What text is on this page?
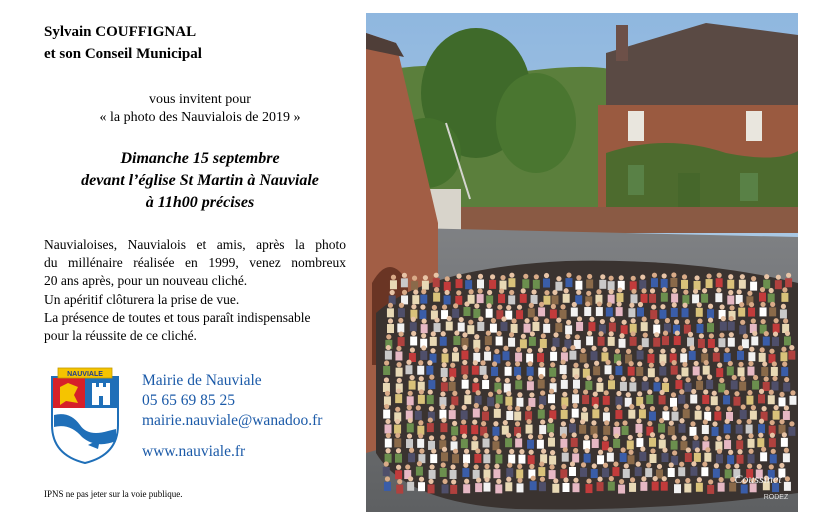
Sylvain COUFFIGNAL
et son Conseil Municipal
vous invitent pour
« la photo des Nauvialois de 2019 »
Dimanche 15 septembre
devant l’église St Martin à Nauviale
à 11h00 précises

Nauvialoises, Nauvialois et amis, après la photo

du millénaire réalisée en 1999, venez nombreux

20 ans après, pour un nouveau cliché.

Un apéritif clôturera la prise de vue.

La présence de toutes et tous paraît indispensable

pour la réussite de ce cliché.

NAUVIALE	Mairie de Nauviale
05 65 69 85 25
mairie.nauviale@wanadoo.fr
www.nauviale.fr
IPNS ne pas jeter sur la voie publique.
Coussinet
RODEZ
